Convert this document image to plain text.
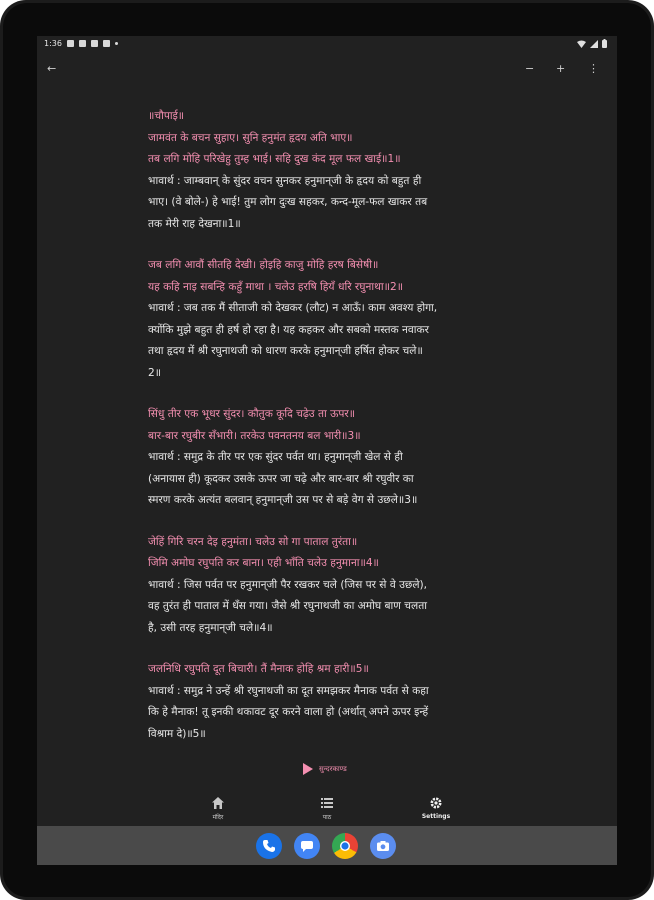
1:36
←	− + ⋮
॥चौपाई॥
जामवंत के बचन सुहाए। सुनि हनुमंत हृदय अति भाए॥
तब लगि मोहि परिखेहु तुम्ह भाई। सहि दुख कंद मूल फल खाई॥1॥
भावार्थ : जाम्बवान्‌ के सुंदर वचन सुनकर हनुमान्‌जी के हृदय को बहुत ही
भाए। (वे बोले-) हे भाई! तुम लोग दुःख सहकर, कन्द-मूल-फल खाकर तब
तक मेरी राह देखना॥1॥
जब लगि आवौं सीतहि देखी। होइहि काजु मोहि हरष बिसेषी॥
यह कहि नाइ सबन्हि कहुँ माथा । चलेउ हरषि हियँ धरि रघुनाथा॥2॥
भावार्थ : जब तक मैं सीताजी को देखकर (लौट) न आऊँ। काम अवश्य होगा,
क्योंकि मुझे बहुत ही हर्ष हो रहा है। यह कहकर और सबको मस्तक नवाकर
तथा हृदय में श्री रघुनाथजी को धारण करके हनुमान्‌जी हर्षित होकर चले॥
2॥
सिंधु तीर एक भूधर सुंदर। कौतुक कूदि चढ़ेउ ता ऊपर॥
बार-बार रघुबीर सँभारी। तरकेउ पवनतनय बल भारी॥3॥
भावार्थ : समुद्र के तीर पर एक सुंदर पर्वत था। हनुमान्‌जी खेल से ही
(अनायास ही) कूदकर उसके ऊपर जा चढ़े और बार-बार श्री रघुवीर का
स्मरण करके अत्यंत बलवान्‌ हनुमान्‌जी उस पर से बड़े वेग से उछले॥3॥
जेहिं गिरि चरन देइ हनुमंता। चलेउ सो गा पाताल तुरंता॥
जिमि अमोघ रघुपति कर बाना। एही भाँति चलेउ हनुमाना॥4॥
भावार्थ : जिस पर्वत पर हनुमान्‌जी पैर रखकर चले (जिस पर से वे उछले),
वह तुरंत ही पाताल में धँस गया। जैसे श्री रघुनाथजी का अमोघ बाण चलता
है, उसी तरह हनुमान्‌जी चले॥4॥
जलनिधि रघुपति दूत बिचारी। तैं मैनाक होहि श्रम हारी॥5॥
भावार्थ : समुद्र ने उन्हें श्री रघुनाथजी का दूत समझकर मैनाक पर्वत से कहा
कि हे मैनाक! तू इनकी थकावट दूर करने वाला हो (अर्थात्‌ अपने ऊपर इन्हें
विश्राम दे)॥5॥
सुन्दरकाण्ड
मंदिर	पाठ	Settings
